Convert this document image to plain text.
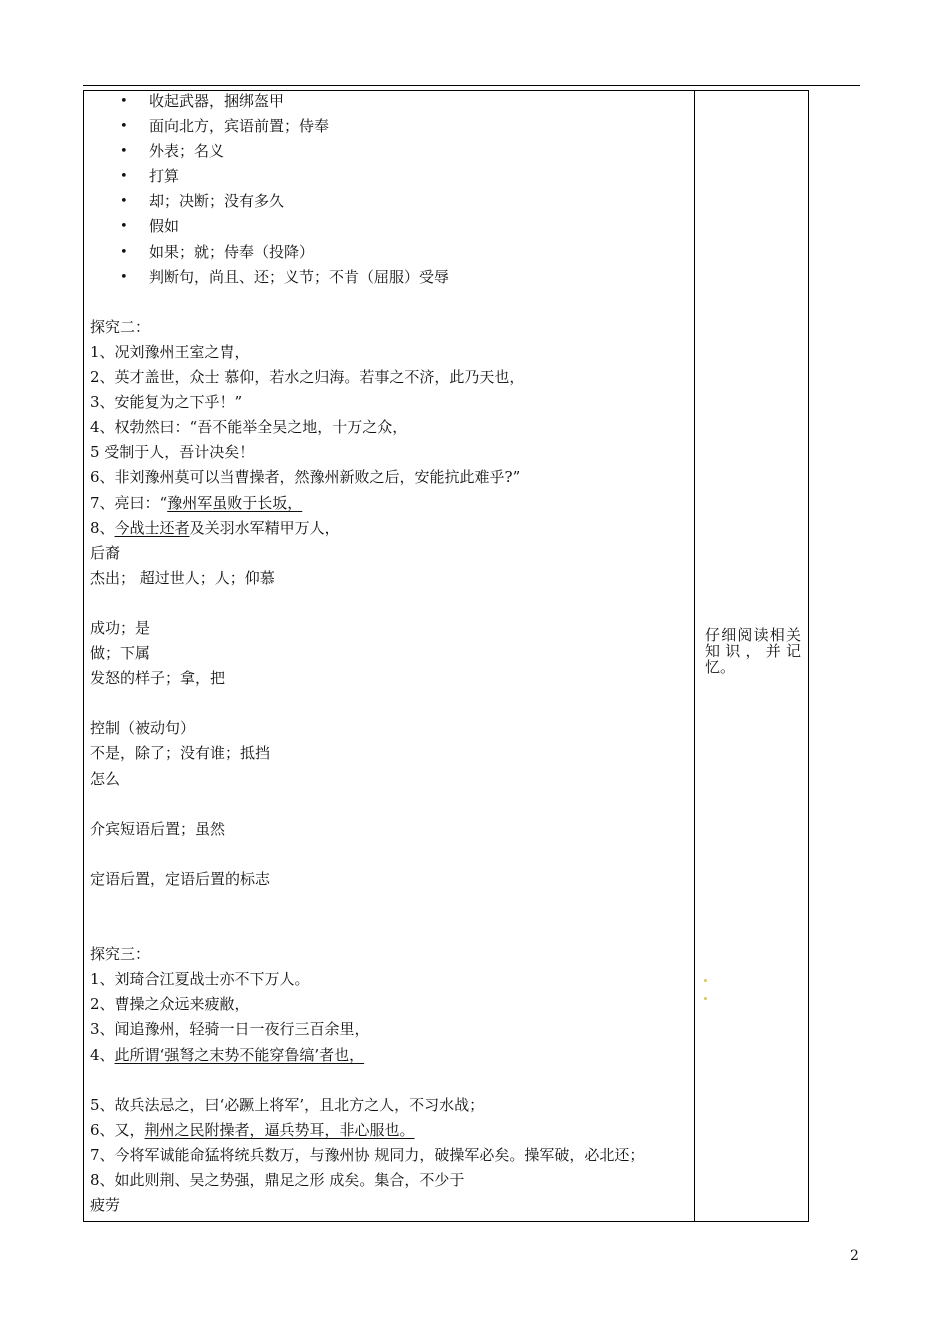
• 收起武器，捆绑盔甲
• 面向北方，宾语前置；侍奉
• 外表；名义
• 打算
• 却；决断；没有多久
• 假如
• 如果；就；侍奉（投降）
• 判断句，尚且、还；义节；不肯（屈服）受辱
探究二：
1、况刘豫州王室之胄，
2、英才盖世，众士 慕仰，若水之归海。若事之不济，此乃天也，
3、安能复为之下乎！”
4、权勃然曰：“吾不能举全吴之地，十万之众，
5 受制于人，吾计决矣！
6、非刘豫州莫可以当曹操者，然豫州新败之后，安能抗此难乎?”
7、亮曰：“豫州军虽败于长坂，
8、今战士还者及关羽水军精甲万人，
后裔
杰出； 超过世人；人；仰慕
成功；是
做；下属
发怒的样子；拿，把
控制（被动句）
不是，除了；没有谁；抵挡
怎么
介宾短语后置；虽然
定语后置，定语后置的标志
探究三：
1、刘琦合江夏战士亦不下万人。
2、曹操之众远来疲敝，
3、闻追豫州，轻骑一日一夜行三百余里，
4、此所谓‘强弩之末势不能穿鲁缟’者也，
5、故兵法忌之，曰‘必蹶上将军’，且北方之人，不习水战；
6、又，荆州之民附操者，逼兵势耳，非心服也。
7、今将军诚能命猛将统兵数万，与豫州协 规同力，破操军必矣。操军破，必北还；
8、如此则荆、吴之势强，鼎足之形 成矣。集合，不少于
疲劳
仔细阅读相关知识，并记忆。
2
